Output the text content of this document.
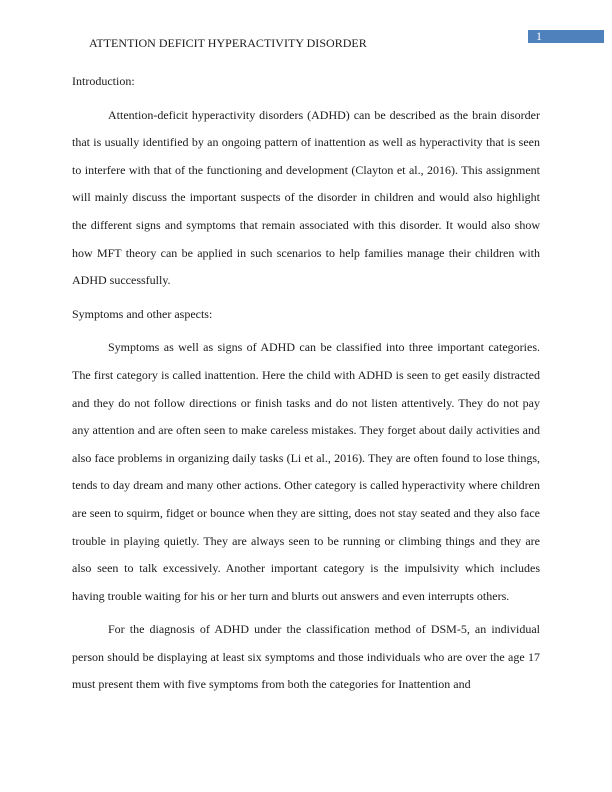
1
ATTENTION DEFICIT HYPERACTIVITY DISORDER

Introduction:

Attention-deficit hyperactivity disorders (ADHD) can be described as the brain disorder that is usually identified by an ongoing pattern of inattention as well as hyperactivity that is seen to interfere with that of the functioning and development (Clayton et al., 2016). This assignment will mainly discuss the important suspects of the disorder in children and would also highlight the different signs and symptoms that remain associated with this disorder. It would also show how MFT theory can be applied in such scenarios to help families manage their children with ADHD successfully.

Symptoms and other aspects:

Symptoms as well as signs of ADHD can be classified into three important categories. The first category is called inattention. Here the child with ADHD is seen to get easily distracted and they do not follow directions or finish tasks and do not listen attentively. They do not pay any attention and are often seen to make careless mistakes. They forget about daily activities and also face problems in organizing daily tasks (Li et al., 2016). They are often found to lose things, tends to day dream and many other actions. Other category is called hyperactivity where children are seen to squirm, fidget or bounce when they are sitting, does not stay seated and they also face trouble in playing quietly. They are always seen to be running or climbing things and they are also seen to talk excessively. Another important category is the impulsivity which includes having trouble waiting for his or her turn and blurts out answers and even interrupts others.

For the diagnosis of ADHD under the classification method of DSM-5, an individual person should be displaying at least six symptoms and those individuals who are over the age 17 must present them with five symptoms from both the categories for Inattention and
